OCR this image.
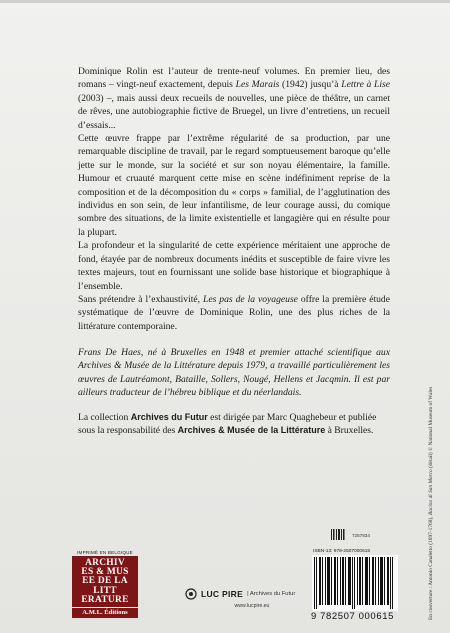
Dominique Rolin est l’auteur de trente-neuf volumes. En premier lieu, des romans – vingt-neuf exactement, depuis Les Marais (1942) jusqu’à Lettre à Lise (2003) –, mais aussi deux recueils de nouvelles, une pièce de théâtre, un carnet de rêves, une autobiographie fictive de Bruegel, un livre d’entretiens, un recueil d’essais...

Cette œuvre frappe par l’extrême régularité de sa production, par une remarquable discipline de travail, par le regard somptueusement baroque qu’elle jette sur le monde, sur la société et sur son noyau élémentaire, la famille. Humour et cruauté marquent cette mise en scène indéfiniment reprise de la composition et de la décomposition du « corps » familial, de l’agglutination des individus en son sein, de leur infantilisme, de leur courage aussi, du comique sombre des situations, de la limite existentielle et langagière qui en résulte pour la plupart.

La profondeur et la singularité de cette expérience méritaient une approche de fond, étayée par de nombreux documents inédits et susceptible de faire vivre les textes majeurs, tout en fournissant une solide base historique et biographique à l’ensemble.

Sans prétendre à l’exhaustivité, Les pas de la voyageuse offre la première étude systématique de l’œuvre de Dominique Rolin, une des plus riches de la littérature contemporaine.

Frans De Haes, né à Bruxelles en 1948 et premier attaché scientifique aux Archives & Musée de la Littérature depuis 1979, a travaillé particulièrement les œuvres de Lautréamont, Bataille, Sollers, Nougé, Hellens et Jacqmin. Il est par ailleurs traducteur de l’hébreu biblique et du néerlandais.
La collection Archives du Futur est dirigée par Marc Quaghebeur et publiée sous la responsabilité des Archives & Musée de la Littérature à Bruxelles.
En couverture : Antonio Canaletto (1697-1768), Bacino di San Marco (détail) © National Museum of Wales
IMPRIMÉ EN BELGIQUE
ARCHIV
ES & MUS
EE DE LA LITT
ERATURE
A.M.L. Éditions
LUC PIRE | Archives du Futur
www.lucpire.eu
7257834
ISBN-13: 978-2507000615
9 782507 000615
